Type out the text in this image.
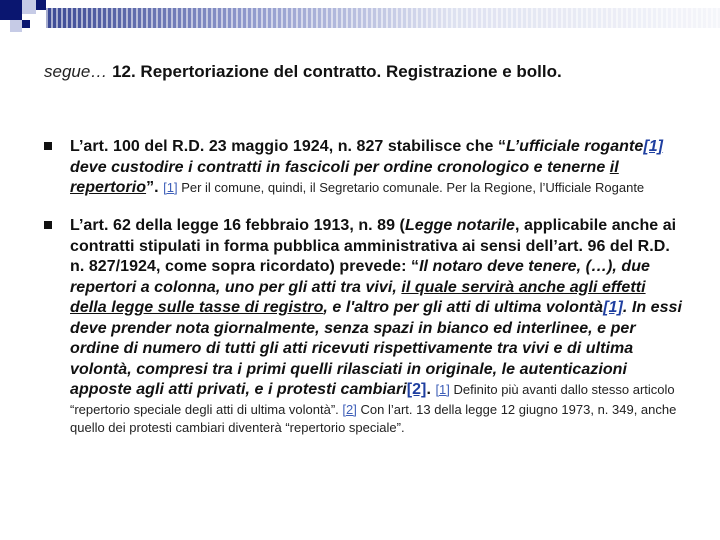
segue… 12. Repertoriazione del contratto. Registrazione e bollo.
L’art. 100 del R.D. 23 maggio 1924, n. 827 stabilisce che “L’ufficiale rogante[1] deve custodire i contratti in fascicoli per ordine cronologico e tenerne il repertorio”. [1] Per il comune, quindi, il Segretario comunale. Per la Regione, l’Ufficiale Rogante
L’art. 62 della legge 16 febbraio 1913, n. 89 (Legge notarile, applicabile anche ai contratti stipulati in forma pubblica amministrativa ai sensi dell’art. 96 del R.D. n. 827/1924, come sopra ricordato) prevede: “Il notaro deve tenere, (…), due repertori a colonna, uno per gli atti tra vivi, il quale servirà anche agli effetti della legge sulle tasse di registro, e l'altro per gli atti di ultima volontà[1]. In essi deve prender nota giornalmente, senza spazi in bianco ed interlinee, e per ordine di numero di tutti gli atti ricevuti rispettivamente tra vivi e di ultima volontà, compresi tra i primi quelli rilasciati in originale, le autenticazioni apposte agli atti privati, e i protesti cambiari[2]. [1] Definito più avanti dallo stesso articolo “repertorio speciale degli atti di ultima volontà”. [2] Con l’art. 13 della legge 12 giugno 1973, n. 349, anche quello dei protesti cambiari diventerà “repertorio speciale”.
